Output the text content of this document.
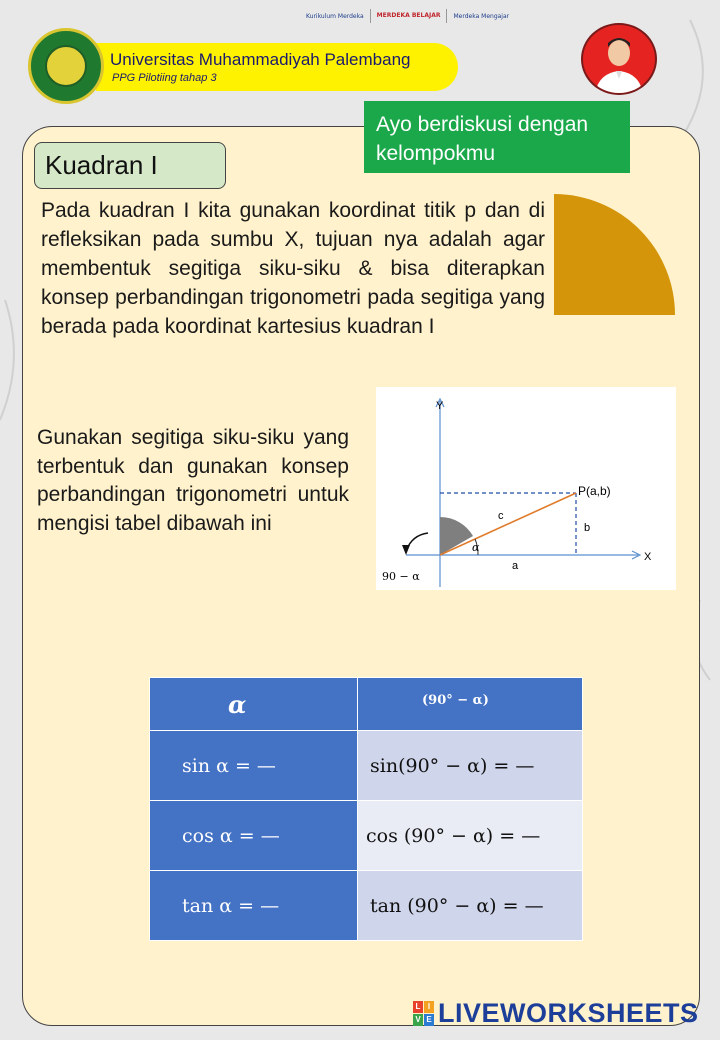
Kurikulum Merdeka MERDEKA BELAJAR Merdeka Mengajar
Universitas Muhammadiyah Palembang
PPG Pilotiing tahap 3
Ayo berdiskusi dengan kelompokmu
Kuadran I
Pada kuadran I kita gunakan koordinat titik p dan di refleksikan pada sumbu X, tujuan nya adalah agar membentuk segitiga siku-siku & bisa diterapkan konsep perbandingan trigonometri pada segitiga yang berada pada koordinat kartesius kuadran I
Gunakan segitiga siku-siku yang terbentuk dan gunakan konsep perbandingan trigonometri untuk mengisi tabel dibawah ini
Y
X
P(a,b)
c
b
a
α
90 − α
α	(90° − α)
sin α = —	sin(90° − α) = —
cos α = —	cos (90° − α) = —
tan α = —	tan (90° − α) = —
L I
V E LIVEWORKSHEETS
